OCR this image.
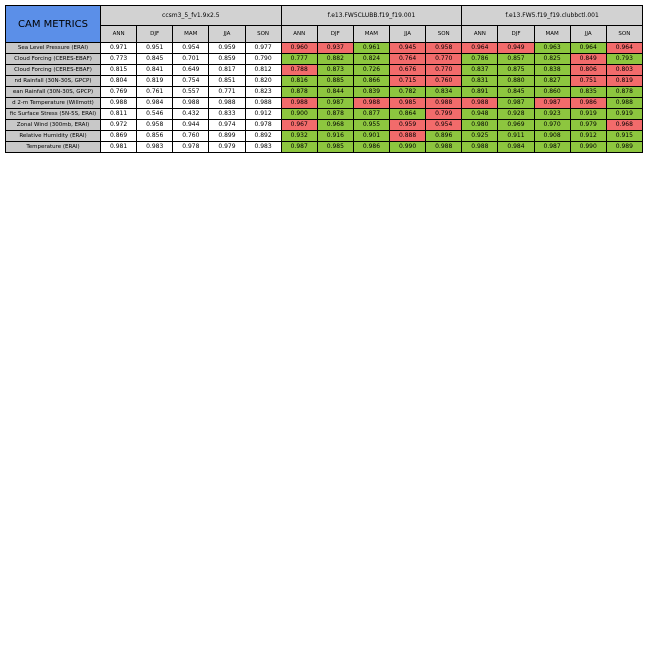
CAM METRICS	ccsm3_5_fv1.9x2.5					f.e13.FW5CLUBB.f19_f19.001					f.e13.FW5.f19_f19.clubbctl.001				
	ANN	DJF	MAM	JJA	SON	ANN	DJF	MAM	JJA	SON	ANN	DJF	MAM	JJA	SON
Sea Level Pressure (ERAI)	0.971	0.951	0.954	0.959	0.977	0.960	0.937	0.961	0.945	0.958	0.964	0.949	0.963	0.964	0.964
Cloud Forcing (CERES-EBAF)	0.773	0.845	0.701	0.859	0.790	0.777	0.882	0.824	0.764	0.770	0.786	0.857	0.825	0.849	0.793
Cloud Forcing (CERES-EBAF)	0.815	0.841	0.649	0.817	0.812	0.788	0.873	0.726	0.676	0.770	0.837	0.875	0.838	0.806	0.803
nd Rainfall (30N-30S, GPCP)	0.804	0.819	0.754	0.851	0.820	0.816	0.885	0.866	0.715	0.760	0.831	0.880	0.827	0.751	0.819
ean Rainfall (30N-30S, GPCP)	0.769	0.761	0.557	0.771	0.823	0.878	0.844	0.839	0.782	0.834	0.891	0.845	0.860	0.835	0.878
d 2-m Temperature (Willmott)	0.988	0.984	0.988	0.988	0.988	0.988	0.987	0.988	0.985	0.988	0.988	0.987	0.987	0.986	0.988
fic Surface Stress (5N-5S, ERAI)	0.811	0.546	0.432	0.833	0.912	0.900	0.878	0.877	0.864	0.799	0.948	0.928	0.923	0.919	0.919
Zonal Wind (300mb, ERAI)	0.972	0.958	0.944	0.974	0.978	0.967	0.968	0.955	0.959	0.954	0.980	0.969	0.970	0.979	0.968
Relative Humidity (ERAI)	0.869	0.856	0.760	0.899	0.892	0.932	0.916	0.901	0.888	0.896	0.925	0.911	0.908	0.912	0.915
Temperature (ERAI)	0.981	0.983	0.978	0.979	0.983	0.987	0.985	0.986	0.990	0.988	0.988	0.984	0.987	0.990	0.989
